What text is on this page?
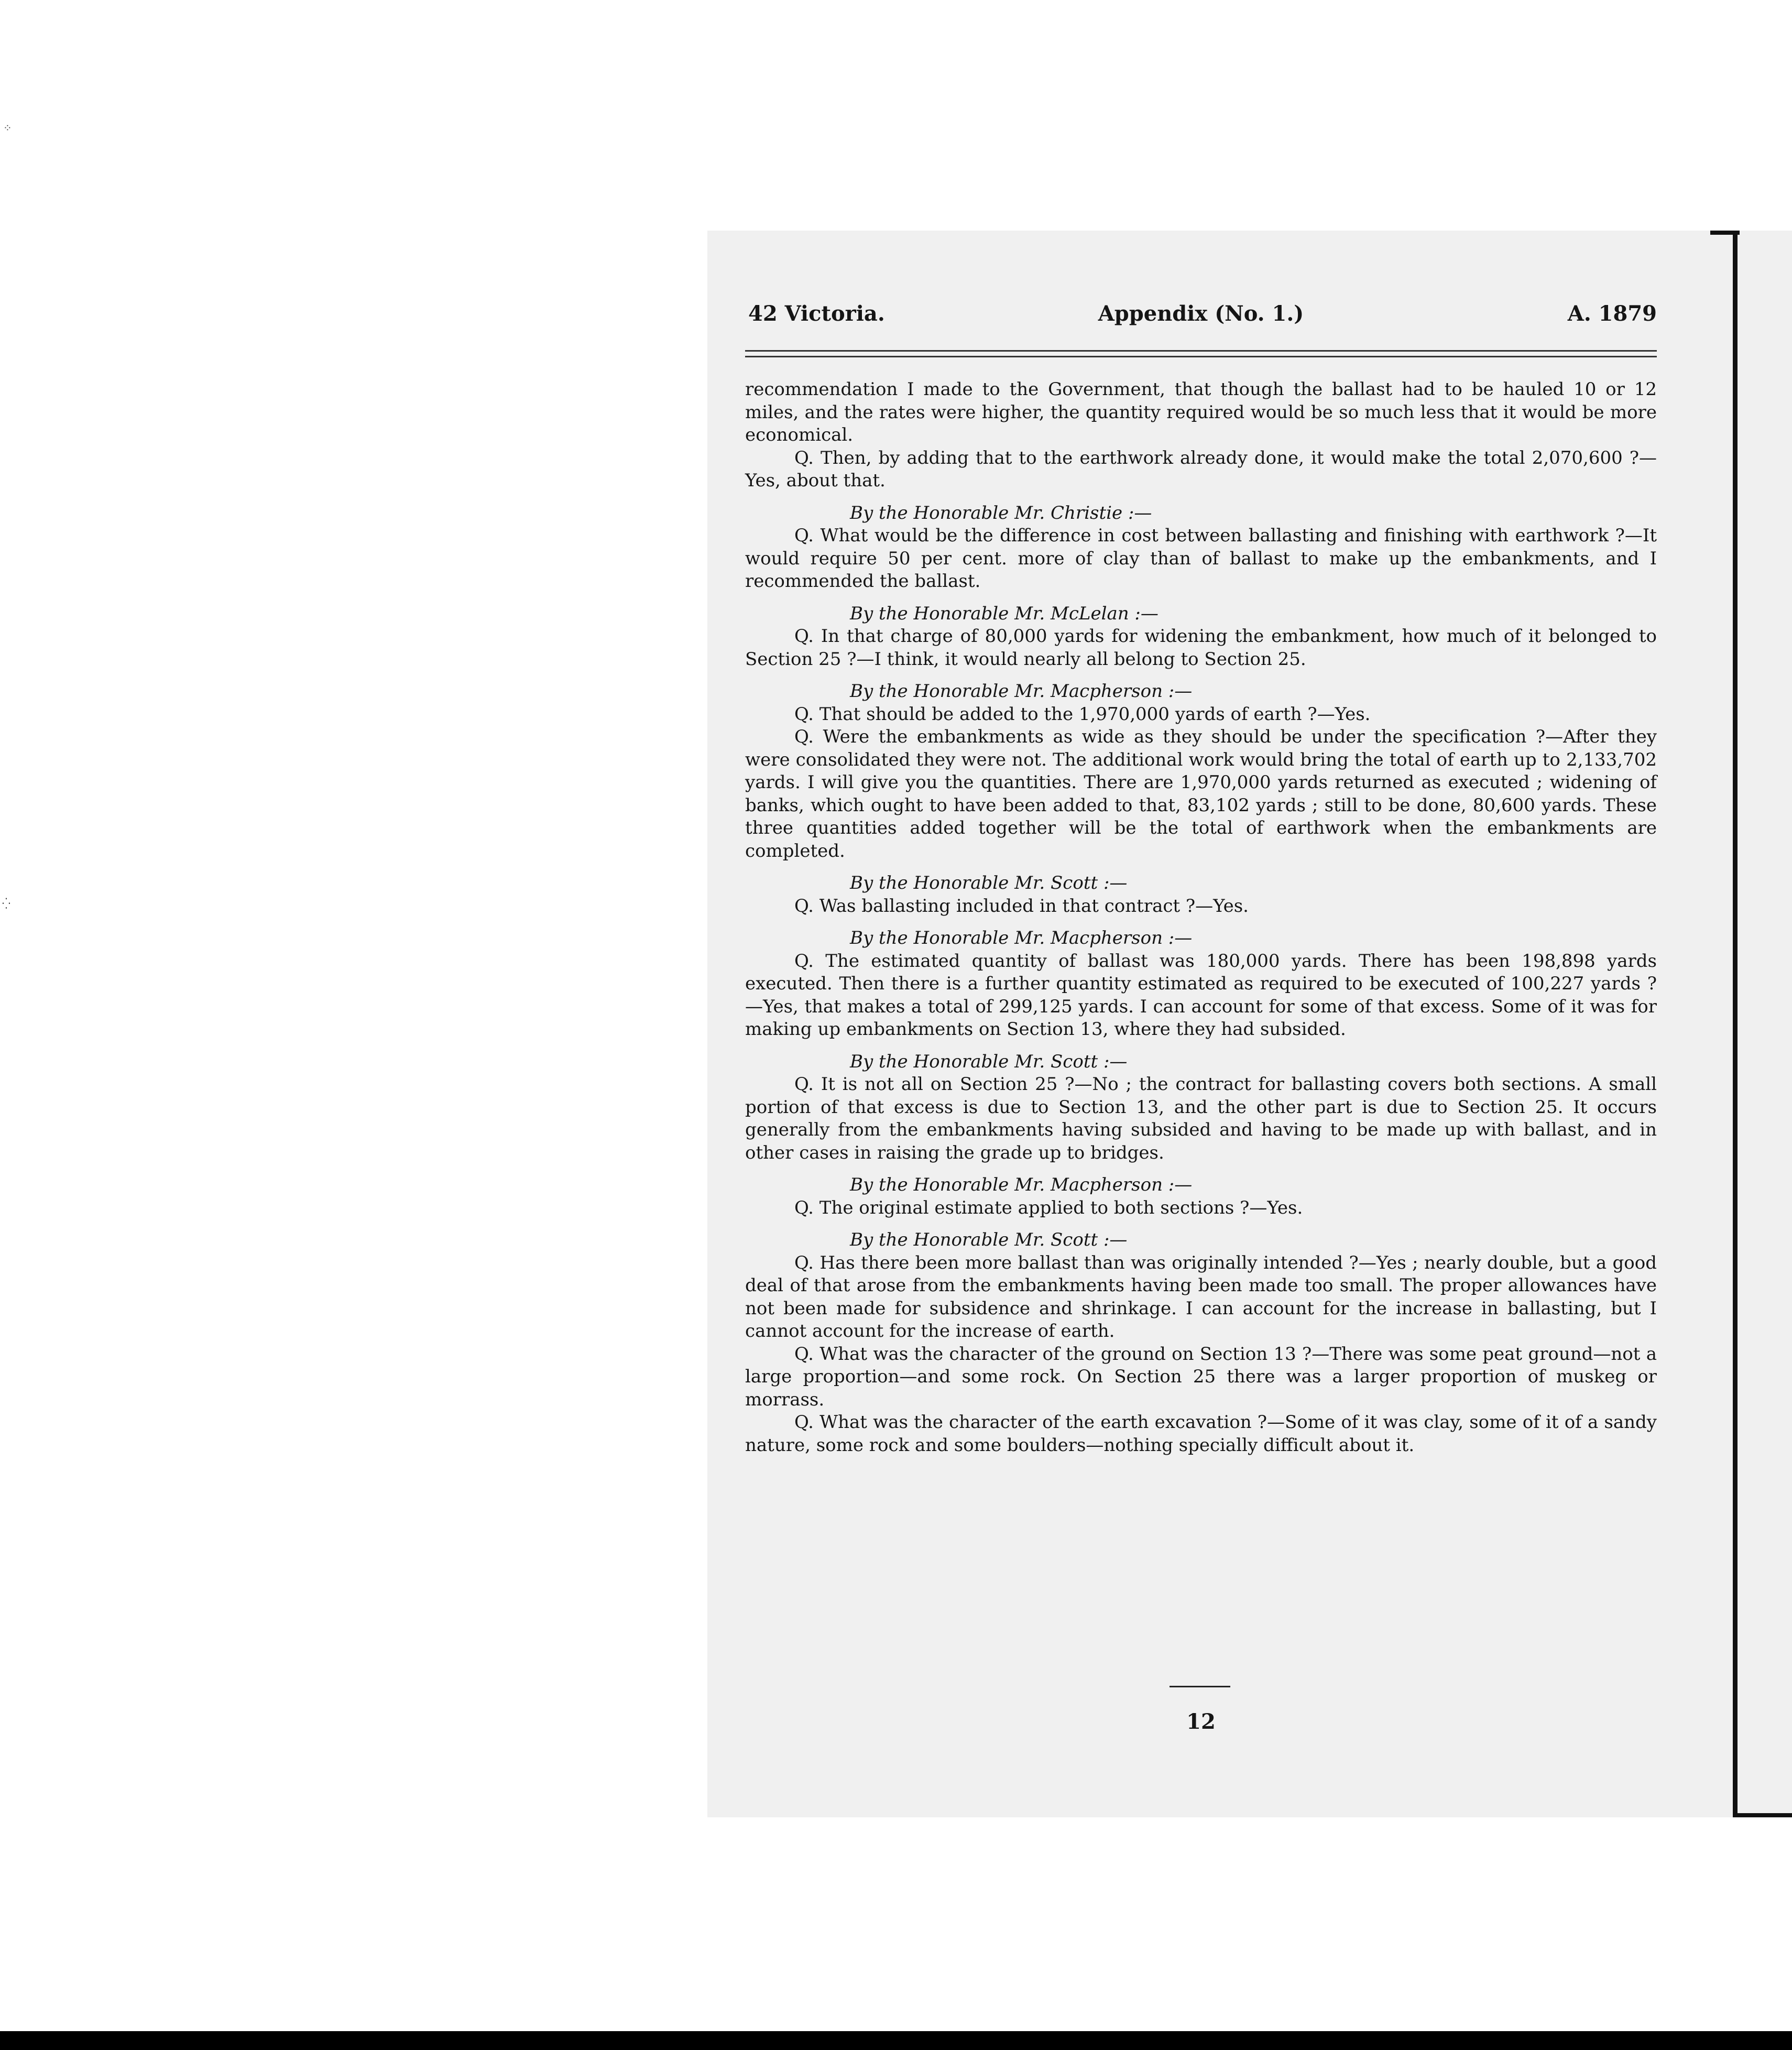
⁘
⁛
42 Victoria.	Appendix (No. 1.)	A. 1879

recommendation I made to the Government, that though the ballast had to be hauled 10 or 12 miles, and the rates were higher, the quantity required would be so much less that it would be more economical.

Q. Then, by adding that to the earthwork already done, it would make the total 2,070,600 ?—Yes, about that.

By the Honorable Mr. Christie :—

Q. What would be the difference in cost between ballasting and finishing with earthwork ?—It would require 50 per cent. more of clay than of ballast to make up the embankments, and I recommended the ballast.

By the Honorable Mr. McLelan :—

Q. In that charge of 80,000 yards for widening the embankment, how much of it belonged to Section 25 ?—I think, it would nearly all belong to Section 25.

By the Honorable Mr. Macpherson :—

Q. That should be added to the 1,970,000 yards of earth ?—Yes.

Q. Were the embankments as wide as they should be under the specification ?—After they were consolidated they were not. The additional work would bring the total of earth up to 2,133,702 yards. I will give you the quantities. There are 1,970,000 yards returned as executed ; widening of banks, which ought to have been added to that, 83,102 yards ; still to be done, 80,600 yards. These three quantities added together will be the total of earthwork when the embankments are completed.

By the Honorable Mr. Scott :—

Q. Was ballasting included in that contract ?—Yes.

By the Honorable Mr. Macpherson :—

Q. The estimated quantity of ballast was 180,000 yards. There has been 198,898 yards executed. Then there is a further quantity estimated as required to be executed of 100,227 yards ?—Yes, that makes a total of 299,125 yards. I can account for some of that excess. Some of it was for making up embankments on Section 13, where they had subsided.

By the Honorable Mr. Scott :—

Q. It is not all on Section 25 ?—No ; the contract for ballasting covers both sections. A small portion of that excess is due to Section 13, and the other part is due to Section 25. It occurs generally from the embankments having subsided and having to be made up with ballast, and in other cases in raising the grade up to bridges.

By the Honorable Mr. Macpherson :—

Q. The original estimate applied to both sections ?—Yes.

By the Honorable Mr. Scott :—

Q. Has there been more ballast than was originally intended ?—Yes ; nearly double, but a good deal of that arose from the embankments having been made too small. The proper allowances have not been made for subsidence and shrinkage. I can account for the increase in ballasting, but I cannot account for the increase of earth.

Q. What was the character of the ground on Section 13 ?—There was some peat ground—not a large proportion—and some rock. On Section 25 there was a larger proportion of muskeg or morrass.

Q. What was the character of the earth excavation ?—Some of it was clay, some of it of a sandy nature, some rock and some boulders—nothing specially difficult about it.

12
